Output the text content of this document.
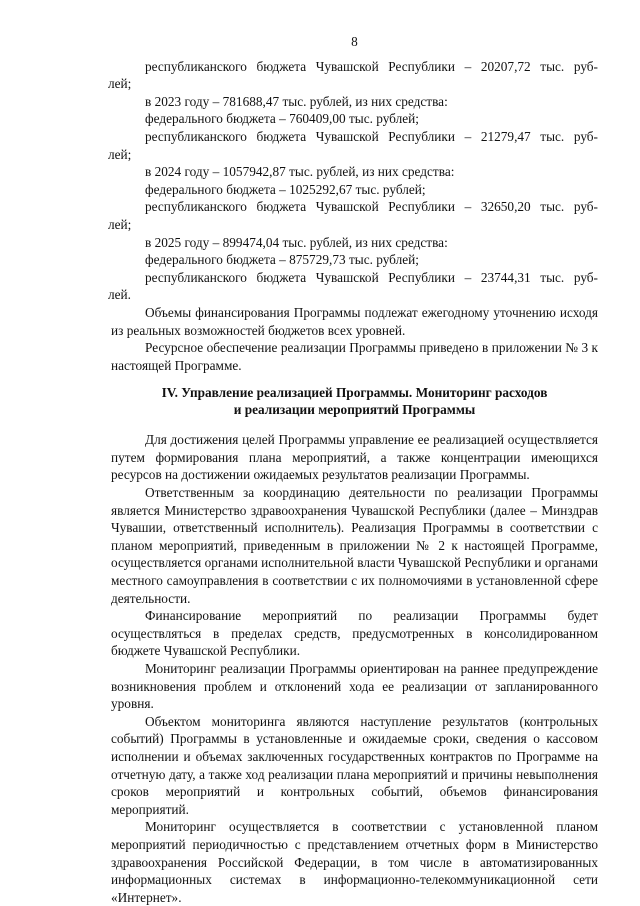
8

республиканского бюджета Чувашской Республики – 20207,72 тыс. руб-

лей;

в 2023 году – 781688,47 тыс. рублей, из них средства:

федерального бюджета – 760409,00 тыс. рублей;

республиканского бюджета Чувашской Республики – 21279,47 тыс. руб-

лей;

в 2024 году – 1057942,87 тыс. рублей, из них средства:

федерального бюджета – 1025292,67 тыс. рублей;

республиканского бюджета Чувашской Республики – 32650,20 тыс. руб-

лей;

в 2025 году – 899474,04 тыс. рублей, из них средства:

федерального бюджета – 875729,73 тыс. рублей;

республиканского бюджета Чувашской Республики – 23744,31 тыс. руб-

лей.

Объемы финансирования Программы подлежат ежегодному уточнению исходя из реальных возможностей бюджетов всех уровней.

Ресурсное обеспечение реализации Программы приведено в приложении № 3 к настоящей Программе.

IV. Управление реализацией Программы. Мониторинг расходов
и реализации мероприятий Программы

Для достижения целей Программы управление ее реализацией осуществляется путем формирования плана мероприятий, а также концентрации имеющихся ресурсов на достижении ожидаемых результатов реализации Программы.

Ответственным за координацию деятельности по реализации Программы является Министерство здравоохранения Чувашской Республики (далее – Минздрав Чувашии, ответственный исполнитель). Реализация Программы в соответствии с планом мероприятий, приведенным в приложении № 2 к настоящей Программе, осуществляется органами исполнительной власти Чувашской Республики и органами местного самоуправления в соответствии с их полномочиями в установленной сфере деятельности.

Финансирование мероприятий по реализации Программы будет осуществляться в пределах средств, предусмотренных в консолидированном бюджете Чувашской Республики.

Мониторинг реализации Программы ориентирован на раннее предупреждение возникновения проблем и отклонений хода ее реализации от запланированного уровня.

Объектом мониторинга являются наступление результатов (контрольных событий) Программы в установленные и ожидаемые сроки, сведения о кассовом исполнении и объемах заключенных государственных контрактов по Программе на отчетную дату, а также ход реализации плана мероприятий и причины невыполнения сроков мероприятий и контрольных событий, объемов финансирования мероприятий.

Мониторинг осуществляется в соответствии с установленной планом мероприятий периодичностью с представлением отчетных форм в Министерство здравоохранения Российской Федерации, в том числе в автоматизированных информационных системах в информационно-телекоммуникационной сети «Интернет».
